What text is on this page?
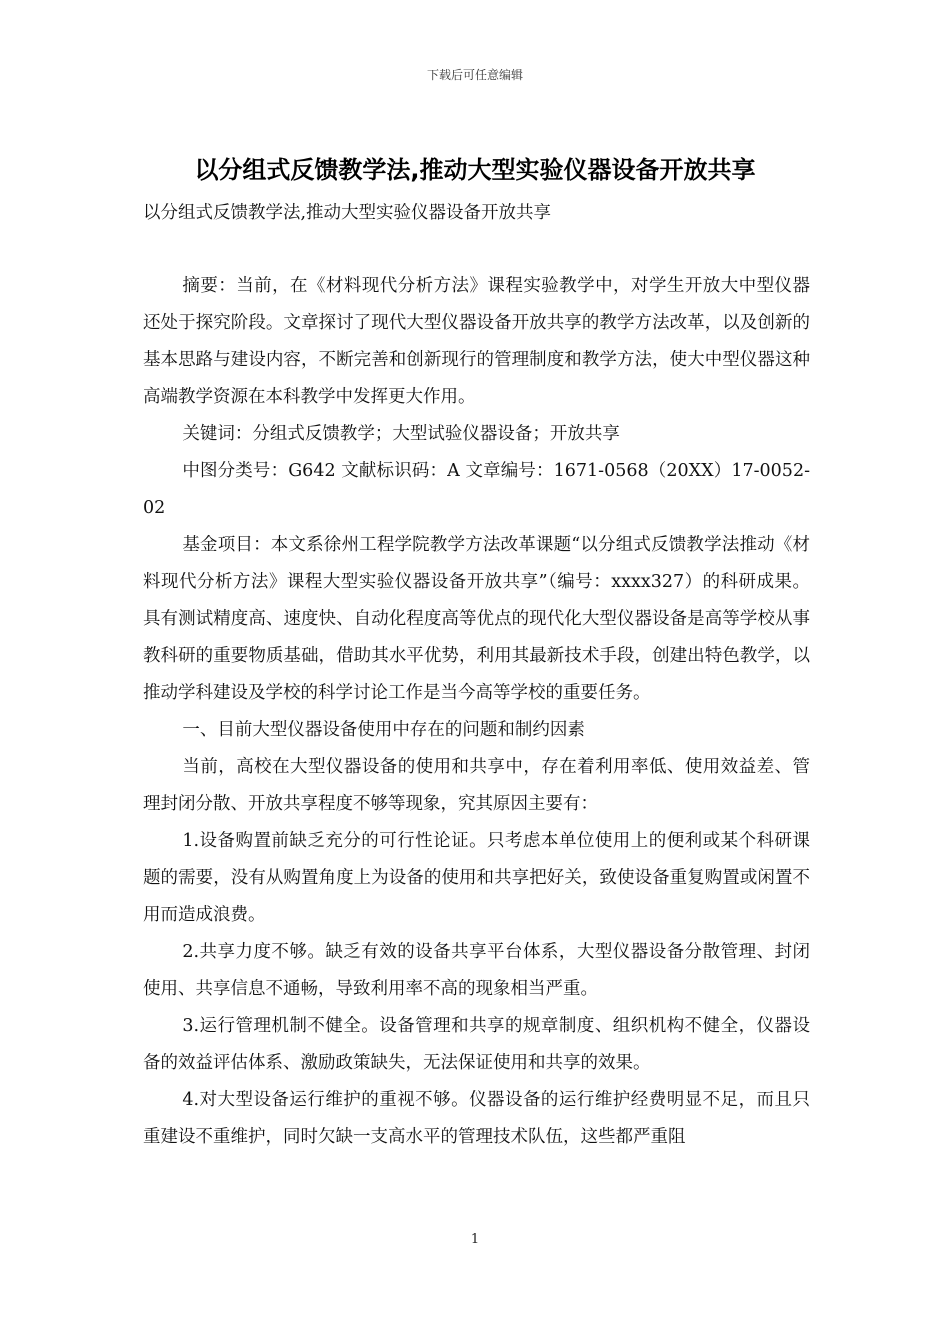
下载后可任意编辑
以分组式反馈教学法,推动大型实验仪器设备开放共享
以分组式反馈教学法,推动大型实验仪器设备开放共享

摘要：当前，在《材料现代分析方法》课程实验教学中，对学生开放大中型仪器还处于探究阶段。文章探讨了现代大型仪器设备开放共享的教学方法改革，以及创新的基本思路与建设内容，不断完善和创新现行的管理制度和教学方法，使大中型仪器这种高端教学资源在本科教学中发挥更大作用。

关键词：分组式反馈教学；大型试验仪器设备；开放共享

中图分类号：G642 文献标识码：A 文章编号：1671-0568（20XX）17-0052-02

基金项目：本文系徐州工程学院教学方法改革课题“以分组式反馈教学法推动《材料现代分析方法》课程大型实验仪器设备开放共享”（编号：xxxx327）的科研成果。具有测试精度高、速度快、自动化程度高等优点的现代化大型仪器设备是高等学校从事教科研的重要物质基础，借助其水平优势，利用其最新技术手段，创建出特色教学，以推动学科建设及学校的科学讨论工作是当今高等学校的重要任务。

一、目前大型仪器设备使用中存在的问题和制约因素

当前，高校在大型仪器设备的使用和共享中，存在着利用率低、使用效益差、管理封闭分散、开放共享程度不够等现象，究其原因主要有：

1.设备购置前缺乏充分的可行性论证。只考虑本单位使用上的便利或某个科研课题的需要，没有从购置角度上为设备的使用和共享把好关，致使设备重复购置或闲置不用而造成浪费。

2.共享力度不够。缺乏有效的设备共享平台体系，大型仪器设备分散管理、封闭使用、共享信息不通畅，导致利用率不高的现象相当严重。

3.运行管理机制不健全。设备管理和共享的规章制度、组织机构不健全，仪器设备的效益评估体系、激励政策缺失，无法保证使用和共享的效果。

4.对大型设备运行维护的重视不够。仪器设备的运行维护经费明显不足，而且只重建设不重维护，同时欠缺一支高水平的管理技术队伍，这些都严重阻

1
